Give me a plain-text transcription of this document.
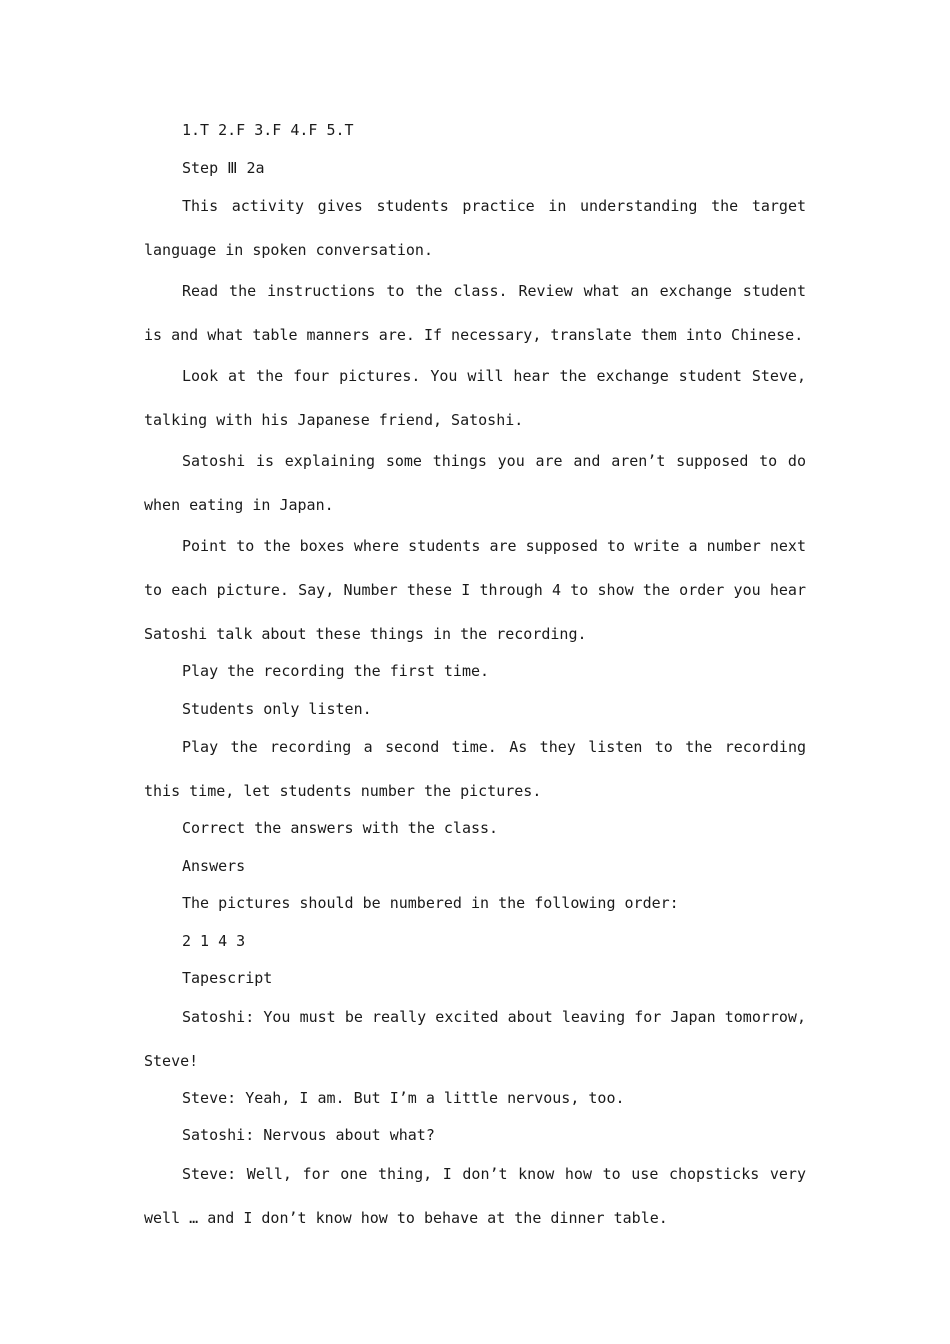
1.T 2.F 3.F 4.F 5.T

Step Ⅲ 2a

This activity gives students practice in understanding the target language in spoken conversation.

Read the instructions to the class. Review what an exchange student is and what table manners are. If necessary, translate them into Chinese.

Look at the four pictures. You will hear the exchange student Steve, talking with his Japanese friend, Satoshi.

Satoshi is explaining some things you are and aren’t supposed to do when eating in Japan.

Point to the boxes where students are supposed to write a number next to each picture. Say, Number these I through 4 to show the order you hear Satoshi talk about these things in the recording.

Play the recording the first time.

Students only listen.

Play the recording a second time. As they listen to the recording this time, let students number the pictures.

Correct the answers with the class.

Answers

The pictures should be numbered in the following order:

2 1 4 3

Tapescript

Satoshi: You must be really excited about leaving for Japan tomorrow, Steve!

Steve: Yeah, I am. But I’m a little nervous, too.

Satoshi: Nervous about what?

Steve: Well, for one thing, I don’t know how to use chopsticks very well … and I don’t know how to behave at the dinner table.
